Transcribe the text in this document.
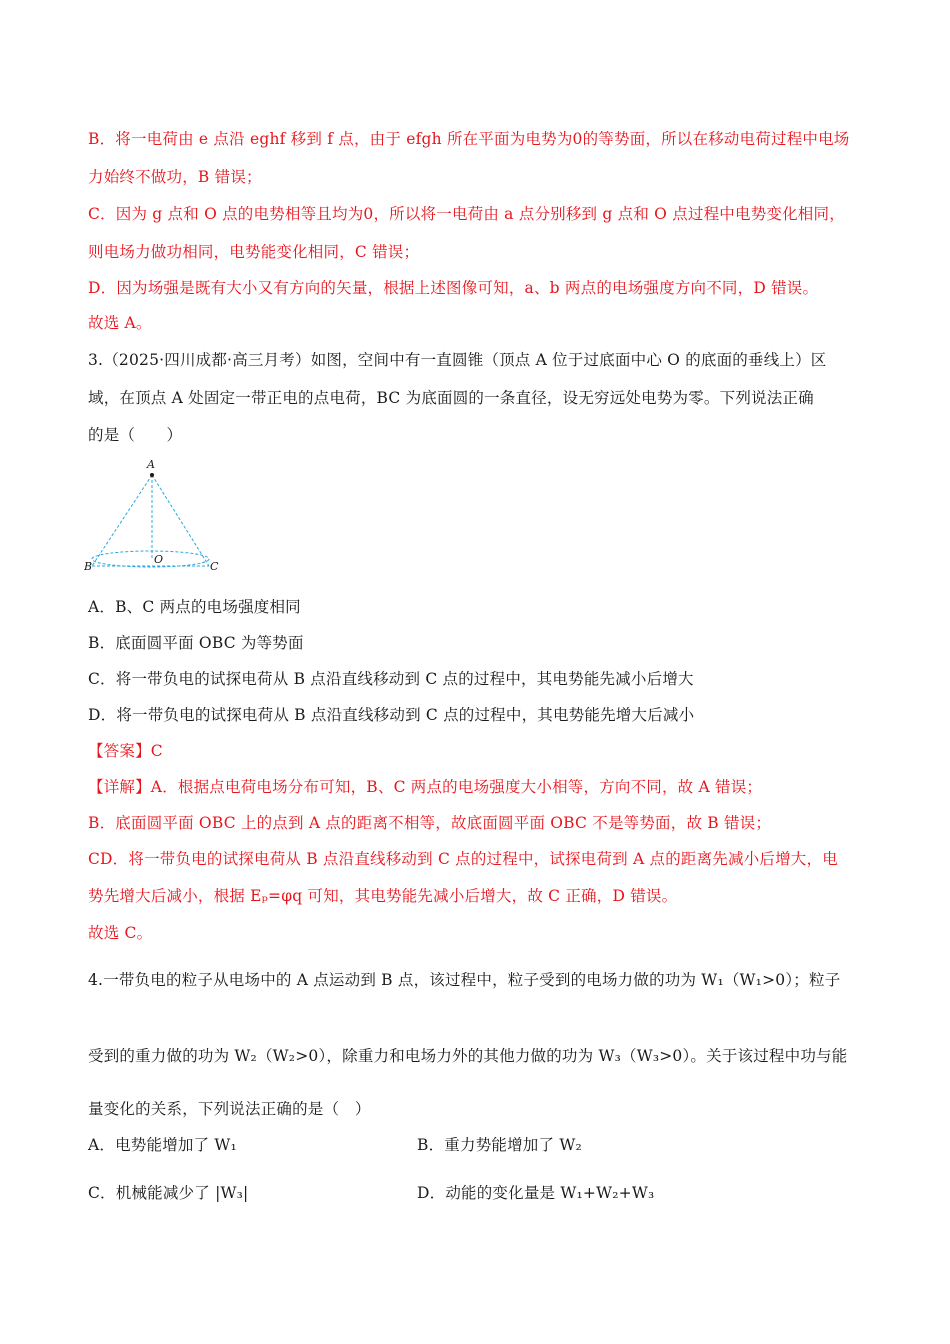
B．将一电荷由 e 点沿 eghf 移到 f 点，由于 efgh 所在平面为电势为0的等势面，所以在移动电荷过程中电场
力始终不做功，B 错误；
C．因为 g 点和 O 点的电势相等且均为0，所以将一电荷由 a 点分别移到 g 点和 O 点过程中电势变化相同，
则电场力做功相同，电势能变化相同，C 错误；
D．因为场强是既有大小又有方向的矢量，根据上述图像可知，a、b 两点的电场强度方向不同，D 错误。
故选 A。
3.（2025·四川成都·高三月考）如图，空间中有一直圆锥（顶点 A 位于过底面中心 O 的底面的垂线上）区
域，在顶点 A 处固定一带正电的点电荷，BC 为底面圆的一条直径，设无穷远处电势为零。下列说法正确
的是（　　）
A
O
B	C
A．B、C 两点的电场强度相同
B．底面圆平面 OBC 为等势面
C．将一带负电的试探电荷从 B 点沿直线移动到 C 点的过程中，其电势能先减小后增大
D．将一带负电的试探电荷从 B 点沿直线移动到 C 点的过程中，其电势能先增大后减小
【答案】C
【详解】A．根据点电荷电场分布可知，B、C 两点的电场强度大小相等，方向不同，故 A 错误；
B．底面圆平面 OBC 上的点到 A 点的距离不相等，故底面圆平面 OBC 不是等势面，故 B 错误；
CD．将一带负电的试探电荷从 B 点沿直线移动到 C 点的过程中，试探电荷到 A 点的距离先减小后增大，电
势先增大后减小，根据 Eₚ=φq 可知，其电势能先减小后增大，故 C 正确，D 错误。
故选 C。
4.一带负电的粒子从电场中的 A 点运动到 B 点，该过程中，粒子受到的电场力做的功为 W₁（W₁>0）；粒子
受到的重力做的功为 W₂（W₂>0），除重力和电场力外的其他力做的功为 W₃（W₃>0）。关于该过程中功与能
量变化的关系，下列说法正确的是（　）
A．电势能增加了 W₁	B．重力势能增加了 W₂
C．机械能减少了 |W₃|	D．动能的变化量是 W₁+W₂+W₃
